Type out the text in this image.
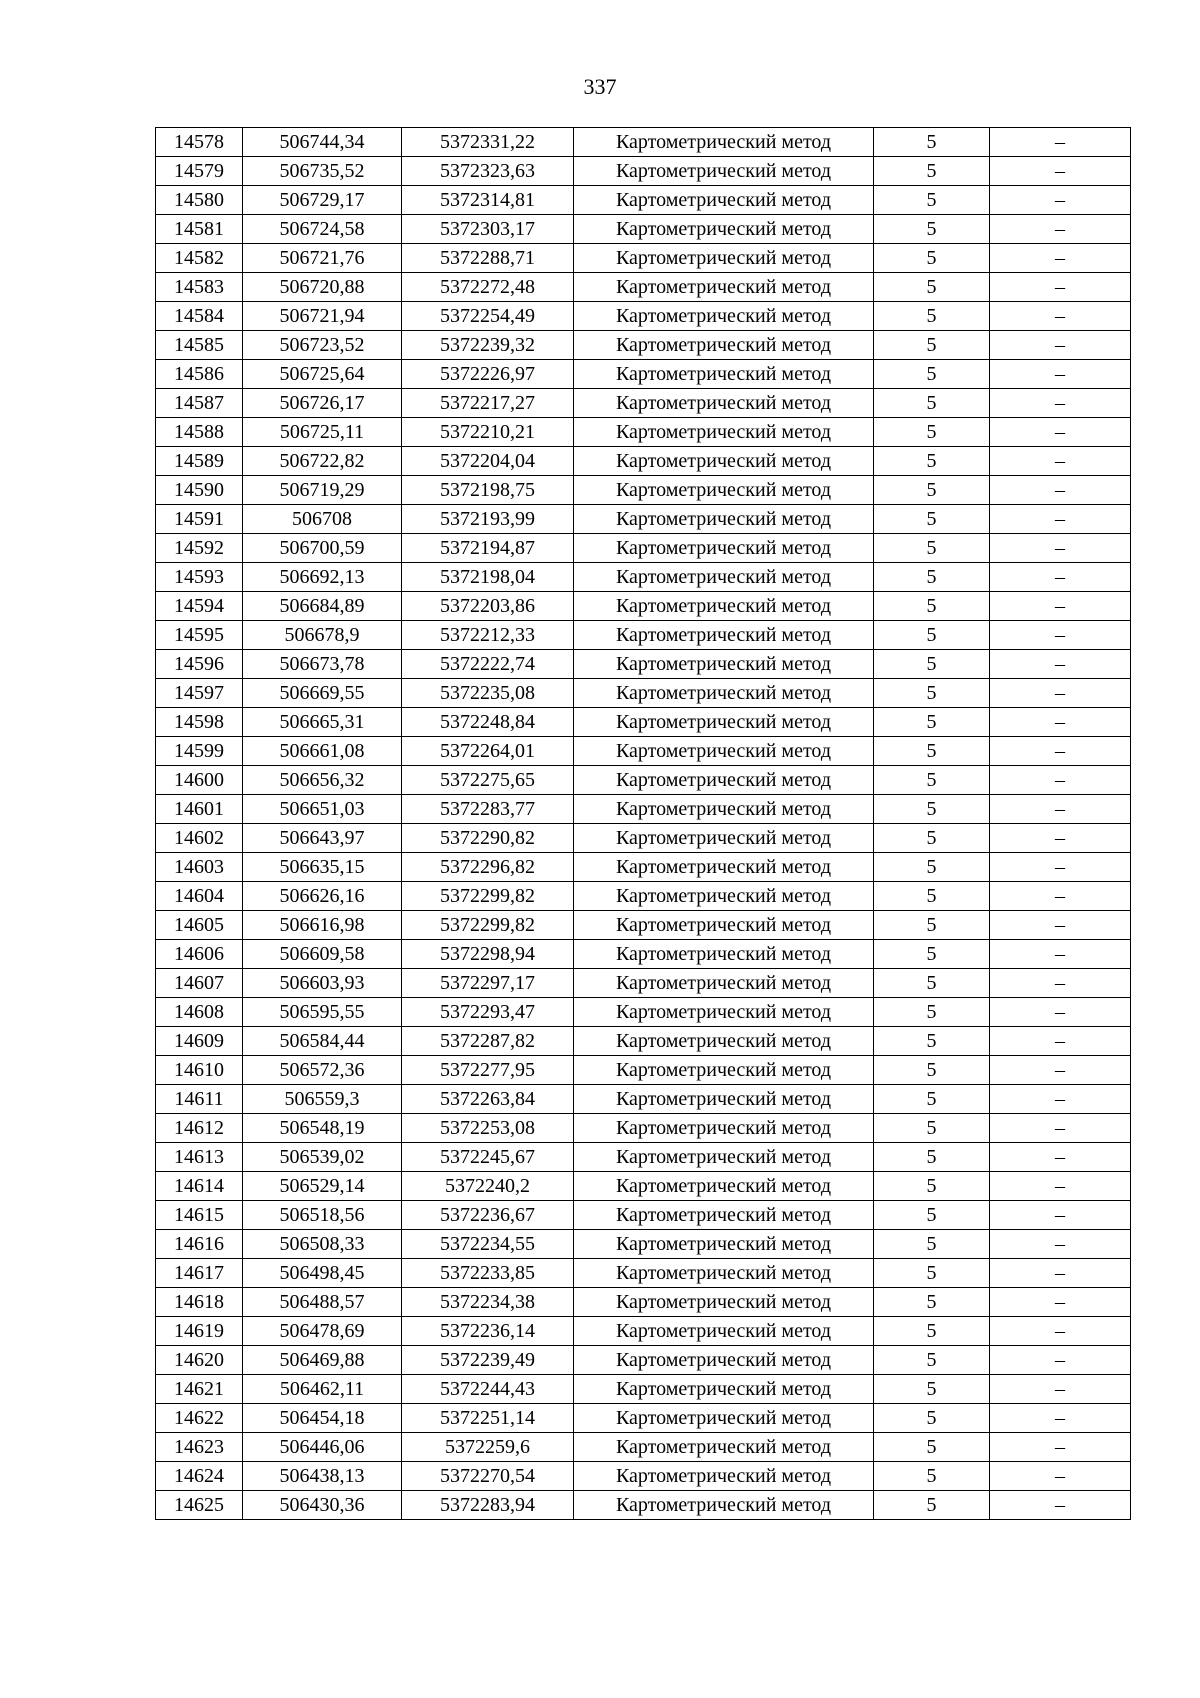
337
14578	506744,34	5372331,22	Картометрический метод	5	–
14579	506735,52	5372323,63	Картометрический метод	5	–
14580	506729,17	5372314,81	Картометрический метод	5	–
14581	506724,58	5372303,17	Картометрический метод	5	–
14582	506721,76	5372288,71	Картометрический метод	5	–
14583	506720,88	5372272,48	Картометрический метод	5	–
14584	506721,94	5372254,49	Картометрический метод	5	–
14585	506723,52	5372239,32	Картометрический метод	5	–
14586	506725,64	5372226,97	Картометрический метод	5	–
14587	506726,17	5372217,27	Картометрический метод	5	–
14588	506725,11	5372210,21	Картометрический метод	5	–
14589	506722,82	5372204,04	Картометрический метод	5	–
14590	506719,29	5372198,75	Картометрический метод	5	–
14591	506708	5372193,99	Картометрический метод	5	–
14592	506700,59	5372194,87	Картометрический метод	5	–
14593	506692,13	5372198,04	Картометрический метод	5	–
14594	506684,89	5372203,86	Картометрический метод	5	–
14595	506678,9	5372212,33	Картометрический метод	5	–
14596	506673,78	5372222,74	Картометрический метод	5	–
14597	506669,55	5372235,08	Картометрический метод	5	–
14598	506665,31	5372248,84	Картометрический метод	5	–
14599	506661,08	5372264,01	Картометрический метод	5	–
14600	506656,32	5372275,65	Картометрический метод	5	–
14601	506651,03	5372283,77	Картометрический метод	5	–
14602	506643,97	5372290,82	Картометрический метод	5	–
14603	506635,15	5372296,82	Картометрический метод	5	–
14604	506626,16	5372299,82	Картометрический метод	5	–
14605	506616,98	5372299,82	Картометрический метод	5	–
14606	506609,58	5372298,94	Картометрический метод	5	–
14607	506603,93	5372297,17	Картометрический метод	5	–
14608	506595,55	5372293,47	Картометрический метод	5	–
14609	506584,44	5372287,82	Картометрический метод	5	–
14610	506572,36	5372277,95	Картометрический метод	5	–
14611	506559,3	5372263,84	Картометрический метод	5	–
14612	506548,19	5372253,08	Картометрический метод	5	–
14613	506539,02	5372245,67	Картометрический метод	5	–
14614	506529,14	5372240,2	Картометрический метод	5	–
14615	506518,56	5372236,67	Картометрический метод	5	–
14616	506508,33	5372234,55	Картометрический метод	5	–
14617	506498,45	5372233,85	Картометрический метод	5	–
14618	506488,57	5372234,38	Картометрический метод	5	–
14619	506478,69	5372236,14	Картометрический метод	5	–
14620	506469,88	5372239,49	Картометрический метод	5	–
14621	506462,11	5372244,43	Картометрический метод	5	–
14622	506454,18	5372251,14	Картометрический метод	5	–
14623	506446,06	5372259,6	Картометрический метод	5	–
14624	506438,13	5372270,54	Картометрический метод	5	–
14625	506430,36	5372283,94	Картометрический метод	5	–
